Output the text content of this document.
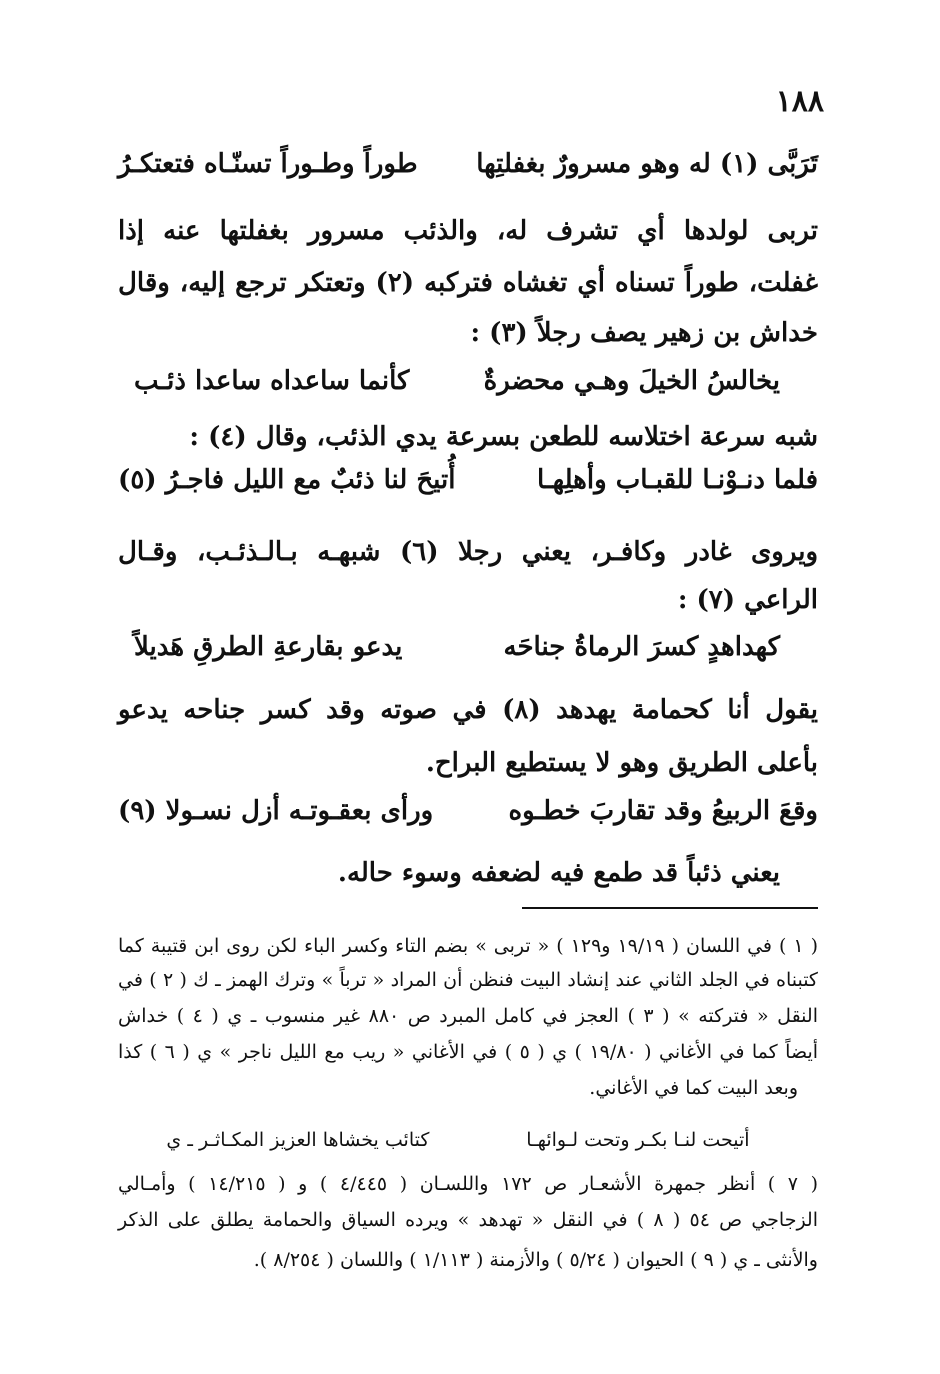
١٨٨
تَرَبَّى (١) له وهو مسرورٌ بغفلتِها
طوراً وطـوراً تسنّـاه فتعتكـرُ
تربى لولدها أي تشرف له، والذئب مسرور بغفلتها عنه إذا
غفلت، طوراً تسناه أي تغشاه فتركبه (٢) وتعتكر ترجع إليه، وقال
خداش بن زهير يصف رجلاً (٣) :
يخالسُ الخيلَ وهـي محضرةٌ
كأنما ساعداه ساعدا ذئـب
شبه سرعة اختلاسه للطعن بسرعة يدي الذئب، وقال (٤) :
فلما دنـوْنـا للقبـاب وأهلِهـا
أُتيحَ لنا ذئبٌ مع الليل فاجـرُ (٥)
ويروى غادر وكافـر، يعني رجلا (٦) شبهـه بـالـذئـب، وقـال
الراعي (٧) :
كهداهدٍ كسرَ الرماةُ جناحَه
يدعو بقارعةِ الطرقِ هَديلاً
يقول أنا كحمامة يهدهد (٨) في صوته وقد كسر جناحه يدعو
بأعلى الطريق وهو لا يستطيع البراح.
وقعَ الربيعُ وقد تقاربَ خطـوه
ورأى بعقـوتـه أزل نسـولا (٩)
يعني ذئباً قد طمع فيه لضعفه وسوء حاله.
( ١ ) في اللسان ( ١٩/١٩ و١٢٩ ) « تربى » بضم التاء وكسر الباء لكن روى ابن قتيبة كما
كتبناه في الجلد الثاني عند إنشاد البيت فنظن أن المراد « ترباً » وترك الهمز ـ ك ( ٢ ) في
النقل « فتركته » ( ٣ ) العجز في كامل المبرد ص ٨٨٠ غير منسوب ـ ي ( ٤ ) خداش
أيضاً كما في الأغاني ( ١٩/٨٠ ) ي ( ٥ ) في الأغاني « ريب مع الليل ناجر » ي ( ٦ ) كذا
وبعد البيت كما في الأغاني.
أتيحت لنـا بكـر وتحت لـوائهـا
كتائب يخشاها العزيز المكـاثـر ـ ي
( ٧ ) أنظر جمهرة الأشعـار ص ١٧٢ واللسـان ( ٤/٤٤٥ ) و ( ١٤/٢١٥ ) وأمـالي
الزجاجي ص ٥٤ ( ٨ ) في النقل « تهدهد » ويرده السياق والحمامة يطلق على الذكر
والأنثى ـ ي ( ٩ ) الحيوان ( ٥/٢٤ ) والأزمنة ( ١/١١٣ ) واللسان ( ٨/٢٥٤ ).
